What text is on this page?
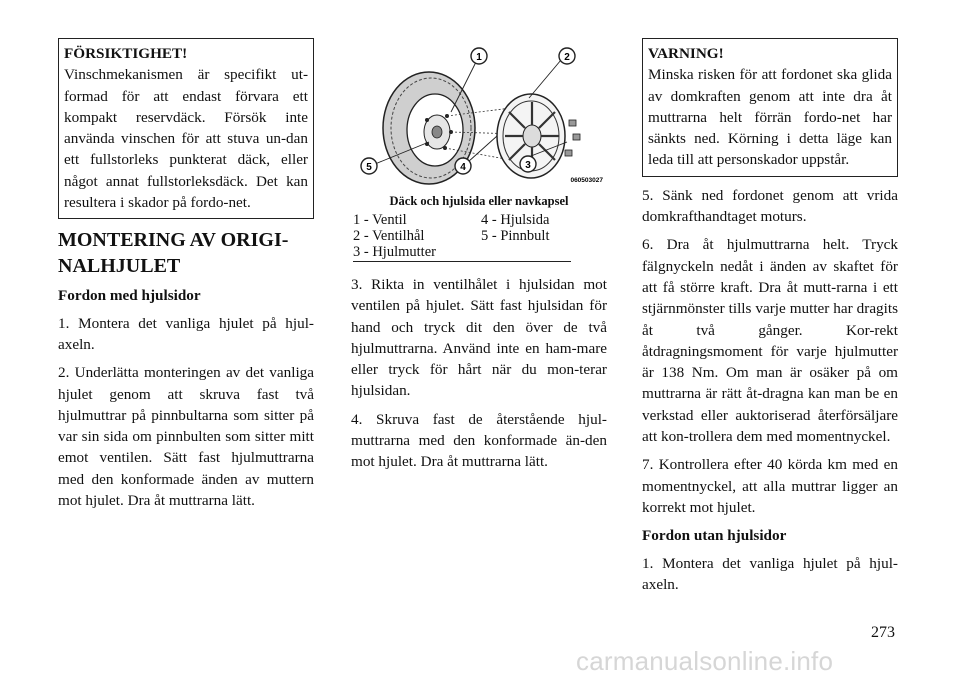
FÖRSIKTIGHET!
Vinschmekanismen är specifikt ut-formad för att endast förvara ett kompakt reservdäck. Försök inte använda vinschen för att stuva un-dan ett fullstorleks punkterat däck, eller något annat fullstorleksdäck. Det kan resultera i skador på fordo-net.
MONTERING AV ORIGI-
NALHJULET
Fordon med hjulsidor

1. Montera det vanliga hjulet på hjul-axeln.

2. Underlätta monteringen av det vanliga hjulet genom att skruva fast två hjulmuttrar på pinnbultarna som sitter på var sin sida om pinnbulten som sitter mitt emot ventilen. Sätt fast hjulmuttrarna med den konformade änden av muttern mot hjulet. Dra åt muttrarna lätt.

1	2
3
4
5
060503027
Däck och hjulsida eller navkapsel
1 - Ventil	4 - Hjulsida
2 - Ventilhål	5 - Pinnbult
3 - Hjulmutter

3. Rikta in ventilhålet i hjulsidan mot ventilen på hjulet. Sätt fast hjulsidan för hand och tryck dit den över de två hjulmuttrarna. Använd inte en ham-mare eller tryck för hårt när du mon-terar hjulsidan.

4. Skruva fast de återstående hjul-muttrarna med den konformade än-den mot hjulet. Dra åt muttrarna lätt.

VARNING!
Minska risken för att fordonet ska glida av domkraften genom att inte dra åt muttrarna helt förrän fordo-net har sänkts ned. Körning i detta läge kan leda till att personskador uppstår.

5. Sänk ned fordonet genom att vrida domkrafthandtaget moturs.

6. Dra åt hjulmuttrarna helt. Tryck fälgnyckeln nedåt i änden av skaftet för att få större kraft. Dra åt mutt-rarna i ett stjärnmönster tills varje mutter har dragits åt två gånger. Kor-rekt åtdragningsmoment för varje hjulmutter är 138 Nm. Om man är osäker på om muttrarna är rätt åt-dragna kan man be en verkstad eller auktoriserad återförsäljare att kon-trollera dem med momentnyckel.

7. Kontrollera efter 40 körda km med en momentnyckel, att alla muttrar ligger an korrekt mot hjulet.

Fordon utan hjulsidor

1. Montera det vanliga hjulet på hjul-axeln.

273
carmanualsonline.info
